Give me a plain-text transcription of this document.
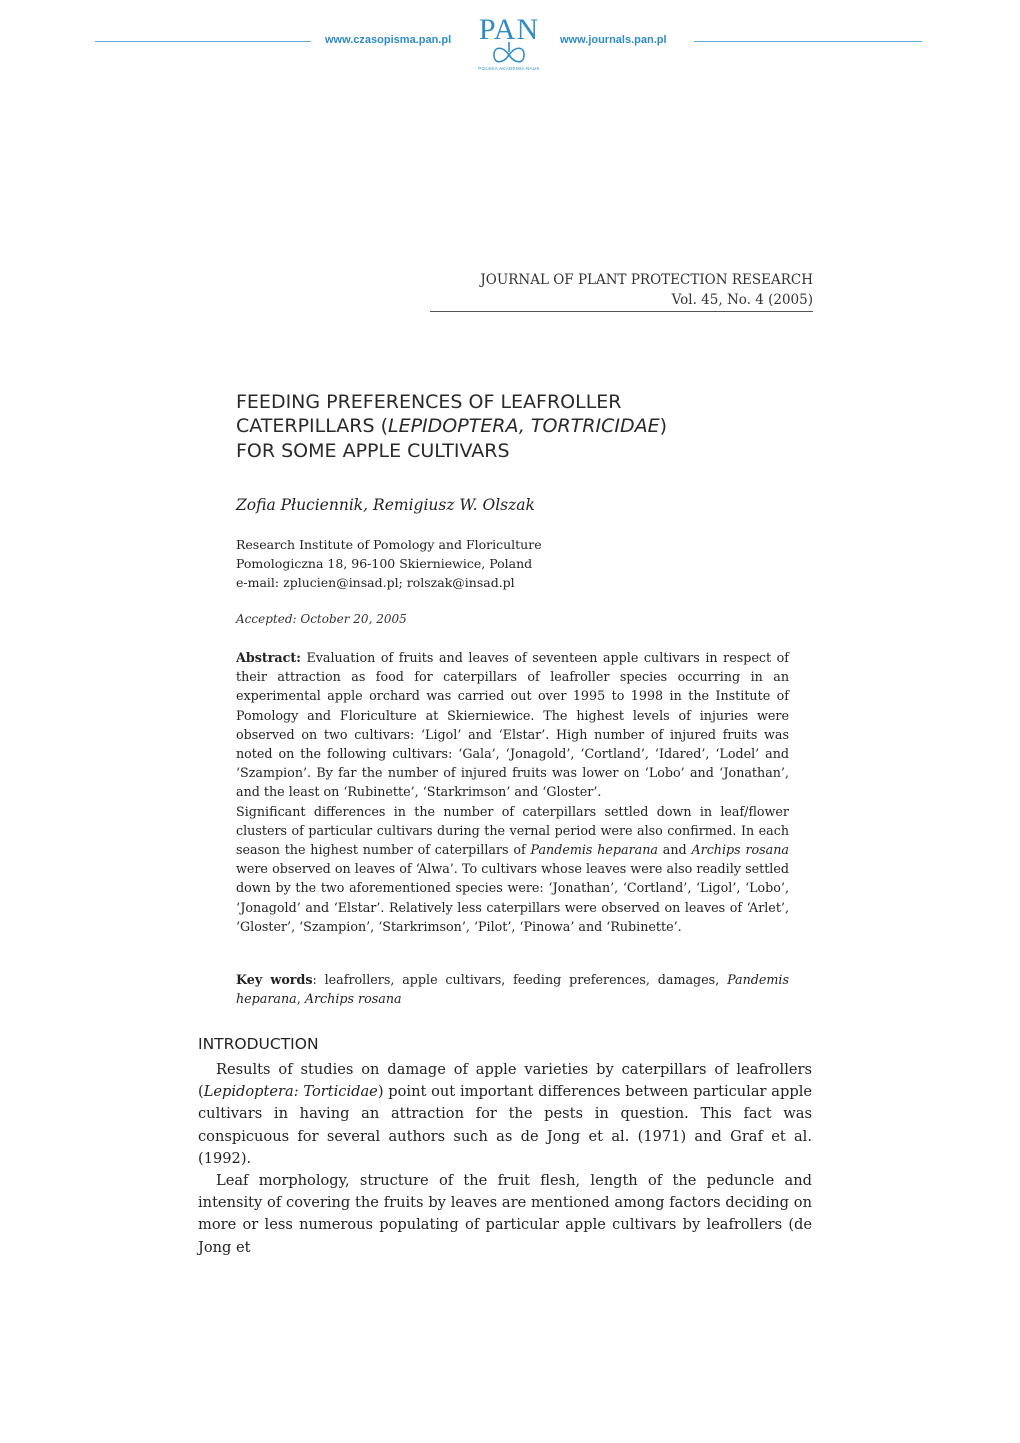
www.czasopisma.pan.pl	www.journals.pan.pl
PAN
POLSKA AKADEMIA NAUK
JOURNAL OF PLANT PROTECTION RESEARCH
Vol. 45, No. 4 (2005)
FEEDING PREFERENCES OF LEAFROLLER
CATERPILLARS (LEPIDOPTERA, TORTRICIDAE)
FOR SOME APPLE CULTIVARS
Zofia Płuciennik, Remigiusz W. Olszak
Research Institute of Pomology and Floriculture
Pomologiczna 18, 96-100 Skierniewice, Poland
e-mail: zplucien@insad.pl; rolszak@insad.pl
Accepted: October 20, 2005

Abstract: Evaluation of fruits and leaves of seventeen apple cultivars in respect of their attraction as food for caterpillars of leafroller species occurring in an experimental apple orchard was carried out over 1995 to 1998 in the Institute of Pomology and Floriculture at Skierniewice. The highest levels of injuries were observed on two cultivars: ‘Ligol’ and ‘Elstar’. High number of injured fruits was noted on the following cultivars: ‘Gala’, ‘Jonagold’, ‘Cortland’, ‘Idared’, ‘Lodel’ and ‘Szampion’. By far the number of injured fruits was lower on ‘Lobo’ and ‘Jonathan’, and the least on ‘Rubinette’, ‘Starkrimson’ and ‘Gloster’.

Significant differences in the number of caterpillars settled down in leaf/flower clusters of particular cultivars during the vernal period were also confirmed. In each season the highest number of caterpillars of Pandemis heparana and Archips rosana were observed on leaves of ‘Alwa’. To cultivars whose leaves were also readily settled down by the two aforementioned species were: ‘Jonathan’, ‘Cortland’, ‘Ligol’, ‘Lobo’, ‘Jonagold’ and ‘Elstar’. Relatively less caterpillars were observed on leaves of ‘Arlet’, ‘Gloster’, ‘Szampion’, ‘Starkrimson’, ‘Pilot’, ‘Pinowa’ and ‘Rubinette’.

Key words: leafrollers, apple cultivars, feeding preferences, damages, Pandemis heparana, Archips rosana
INTRODUCTION

Results of studies on damage of apple varieties by caterpillars of leafrollers (Lepidoptera: Torticidae) point out important differences between particular apple cultivars in having an attraction for the pests in question. This fact was conspicuous for several authors such as de Jong et al. (1971) and Graf et al. (1992).

Leaf morphology, structure of the fruit flesh, length of the peduncle and intensity of covering the fruits by leaves are mentioned among factors deciding on more or less numerous populating of particular apple cultivars by leafrollers (de Jong et
